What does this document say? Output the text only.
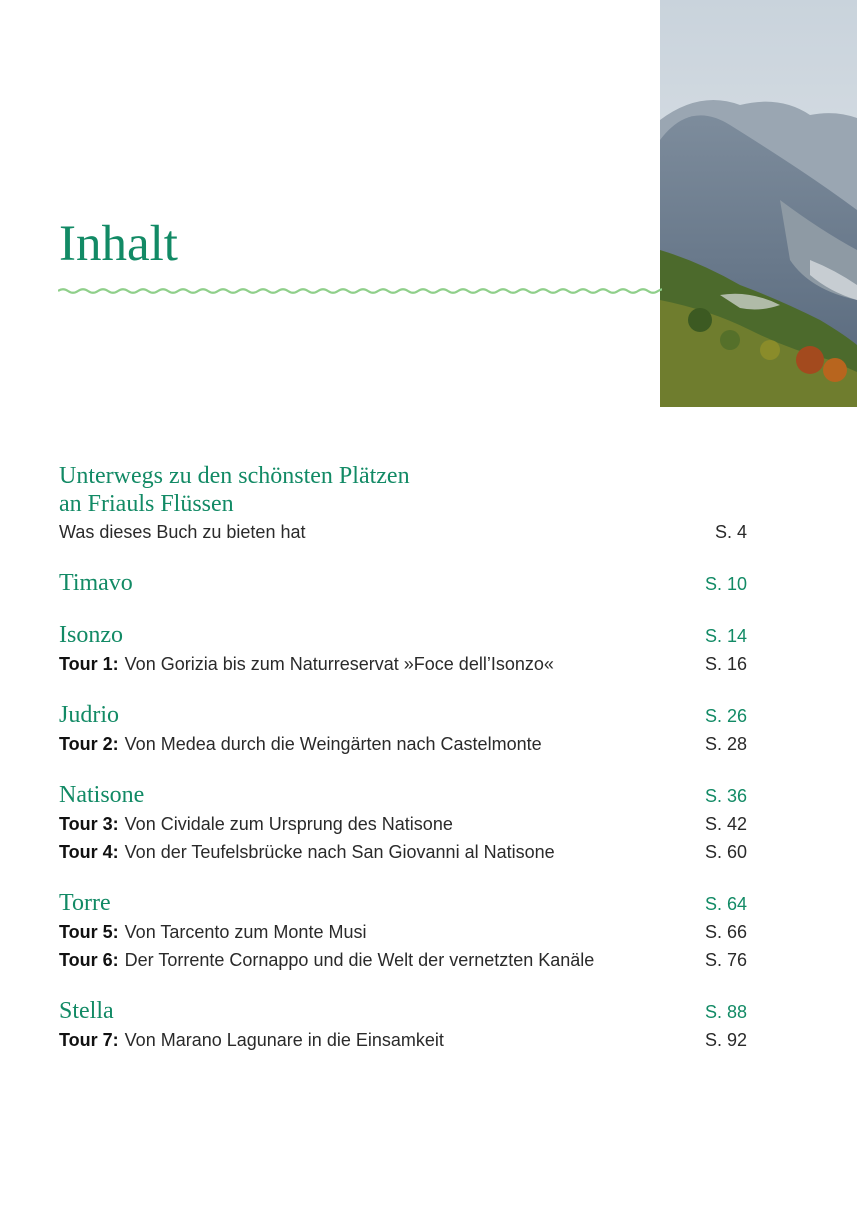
Inhalt
Unterwegs zu den schönsten Plätzen
an Friauls Flüssen
Was dieses Buch zu bieten hat	S. 4
Timavo	S. 10
Isonzo	S. 14
Tour 1: Von Gorizia bis zum Naturreservat »Foce dell’Isonzo«	S. 16
Judrio	S. 26
Tour 2: Von Medea durch die Weingärten nach Castelmonte	S. 28
Natisone	S. 36
Tour 3: Von Cividale zum Ursprung des Natisone	S. 42
Tour 4: Von der Teufelsbrücke nach San Giovanni al Natisone	S. 60
Torre	S. 64
Tour 5: Von Tarcento zum Monte Musi	S. 66
Tour 6: Der Torrente Cornappo und die Welt der vernetzten Kanäle	S. 76
Stella	S. 88
Tour 7: Von Marano Lagunare in die Einsamkeit	S. 92
